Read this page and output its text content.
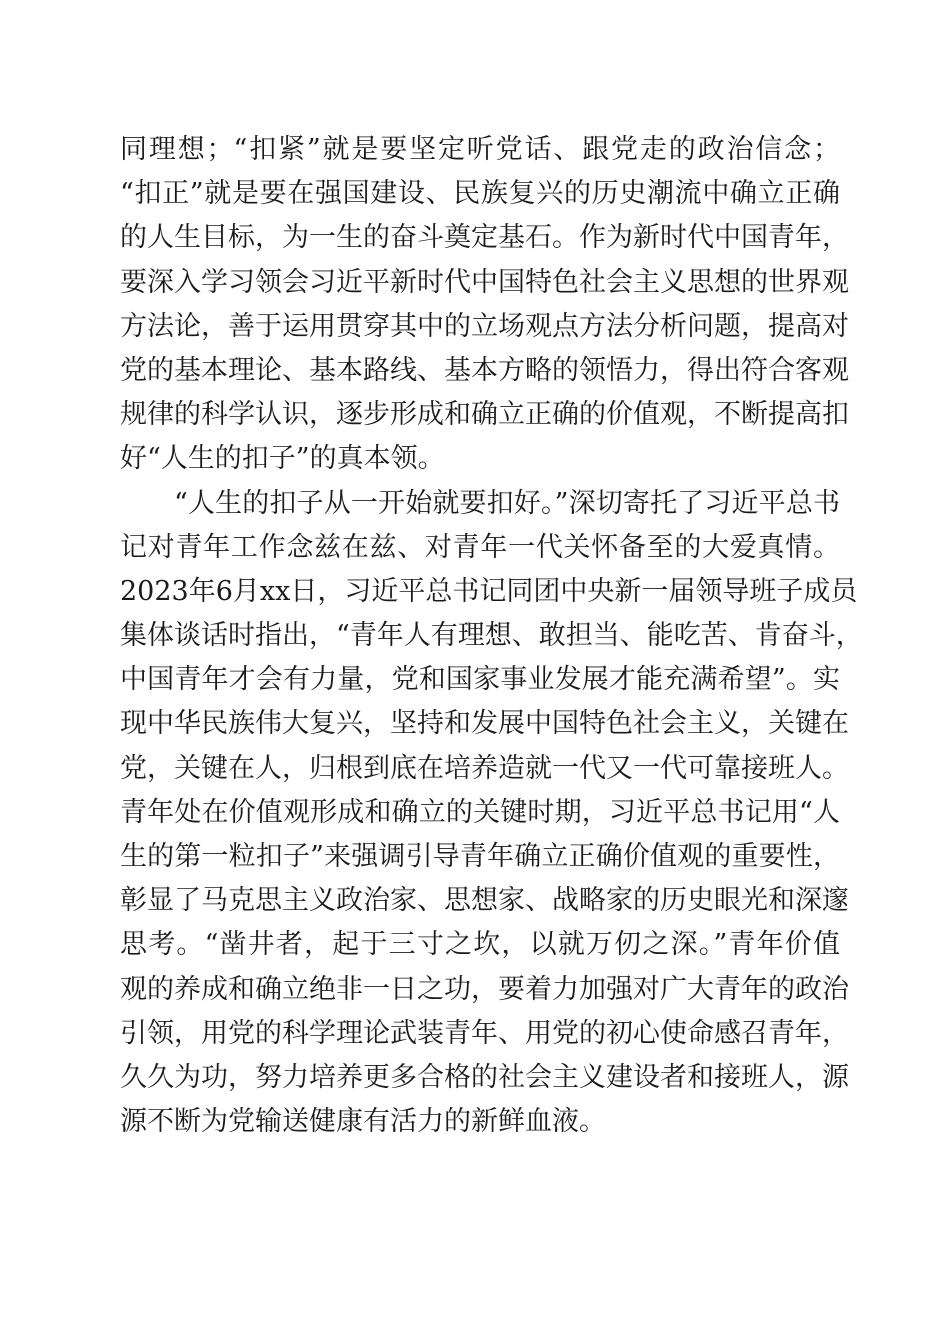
同理想；“扣紧”就是要坚定听党话、跟党走的政治信念；
“扣正”就是要在强国建设、民族复兴的历史潮流中确立正确
的人生目标，为一生的奋斗奠定基石。作为新时代中国青年，
要深入学习领会习近平新时代中国特色社会主义思想的世界观
方法论，善于运用贯穿其中的立场观点方法分析问题，提高对
党的基本理论、基本路线、基本方略的领悟力，得出符合客观
规律的科学认识，逐步形成和确立正确的价值观，不断提高扣
好“人生的扣子”的真本领。
“人生的扣子从一开始就要扣好。”深切寄托了习近平总书
记对青年工作念兹在兹、对青年一代关怀备至的大爱真情。
2023年6月xx日，习近平总书记同团中央新一届领导班子成员
集体谈话时指出，“青年人有理想、敢担当、能吃苦、肯奋斗，
中国青年才会有力量，党和国家事业发展才能充满希望”。实
现中华民族伟大复兴，坚持和发展中国特色社会主义，关键在
党，关键在人，归根到底在培养造就一代又一代可靠接班人。
青年处在价值观形成和确立的关键时期，习近平总书记用“人
生的第一粒扣子”来强调引导青年确立正确价值观的重要性，
彰显了马克思主义政治家、思想家、战略家的历史眼光和深邃
思考。“凿井者，起于三寸之坎，以就万仞之深。”青年价值
观的养成和确立绝非一日之功，要着力加强对广大青年的政治
引领，用党的科学理论武装青年、用党的初心使命感召青年，
久久为功，努力培养更多合格的社会主义建设者和接班人，源
源不断为党输送健康有活力的新鲜血液。
